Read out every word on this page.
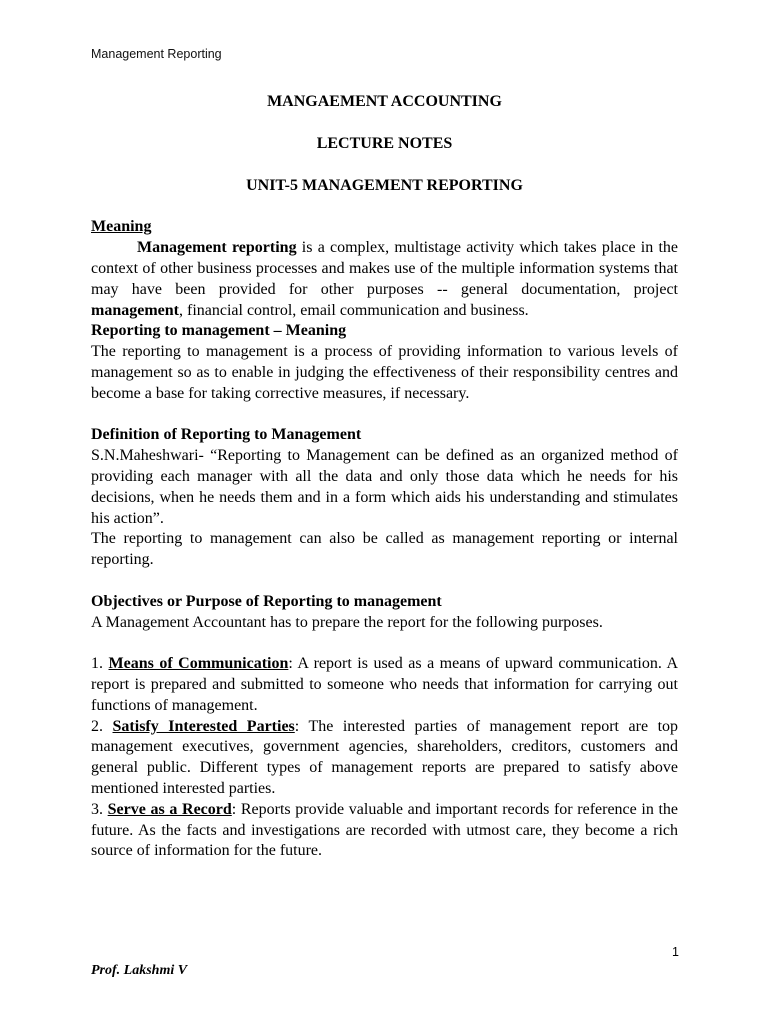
Management Reporting
MANGAEMENT ACCOUNTING
LECTURE NOTES
UNIT-5 MANAGEMENT REPORTING
Meaning

Management reporting is a complex, multistage activity which takes place in the context of other business processes and makes use of the multiple information systems that may have been provided for other purposes -- general documentation, project management, financial control, email communication and business.

Reporting to management – Meaning

The reporting to management is a process of providing information to various levels of management so as to enable in judging the effectiveness of their responsibility centres and become a base for taking corrective measures, if necessary.

Definition of Reporting to Management

S.N.Maheshwari- “Reporting to Management can be defined as an organized method of providing each manager with all the data and only those data which he needs for his decisions, when he needs them and in a form which aids his understanding and stimulates his action”.

The reporting to management can also be called as management reporting or internal reporting.

Objectives or Purpose of Reporting to management

A Management Accountant has to prepare the report for the following purposes.

1. Means of Communication: A report is used as a means of upward communication. A report is prepared and submitted to someone who needs that information for carrying out functions of management.

2. Satisfy Interested Parties: The interested parties of management report are top management executives, government agencies, shareholders, creditors, customers and general public. Different types of management reports are prepared to satisfy above mentioned interested parties.

3. Serve as a Record: Reports provide valuable and important records for reference in the future. As the facts and investigations are recorded with utmost care, they become a rich source of information for the future.

1
Prof. Lakshmi V
